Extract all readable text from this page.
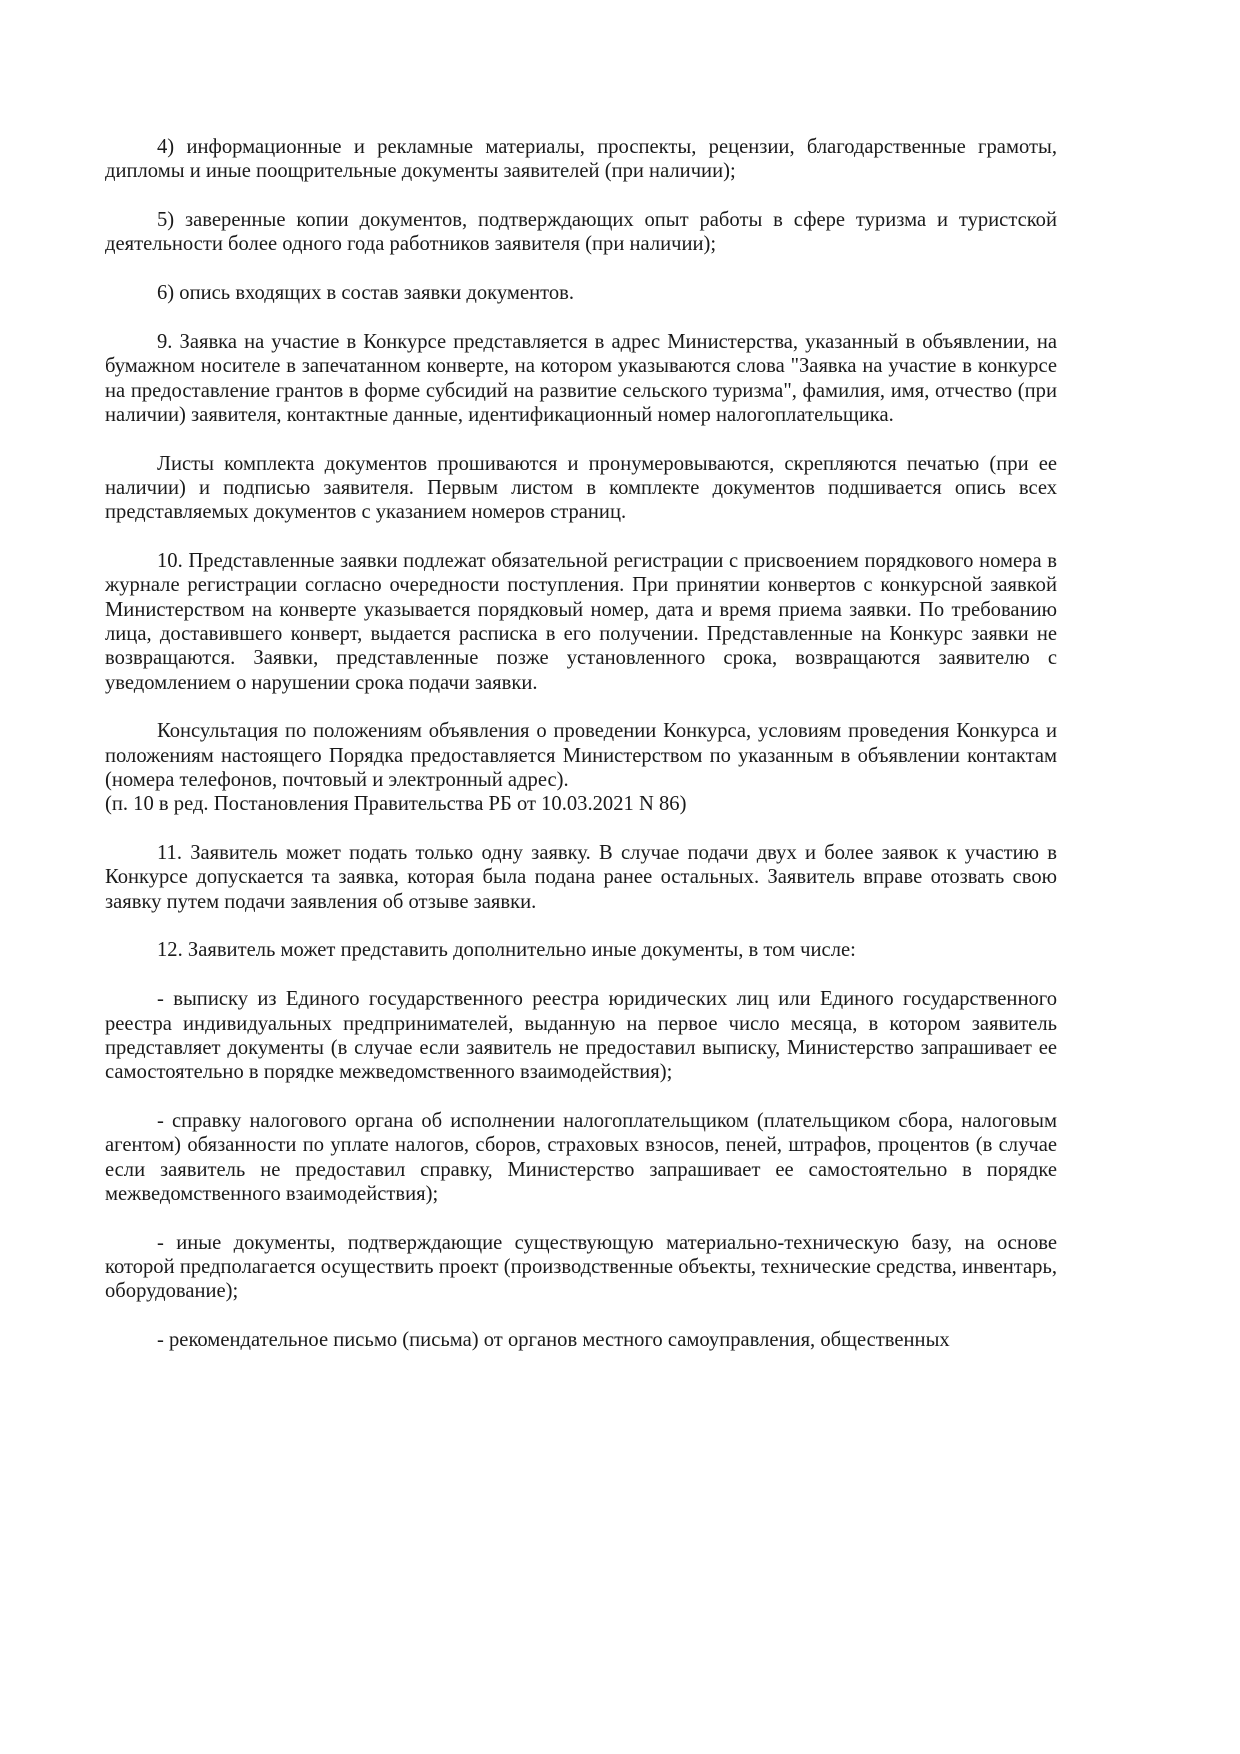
4) информационные и рекламные материалы, проспекты, рецензии, благодарственные грамоты, дипломы и иные поощрительные документы заявителей (при наличии);

5) заверенные копии документов, подтверждающих опыт работы в сфере туризма и туристской деятельности более одного года работников заявителя (при наличии);

6) опись входящих в состав заявки документов.

9. Заявка на участие в Конкурсе представляется в адрес Министерства, указанный в объявлении, на бумажном носителе в запечатанном конверте, на котором указываются слова "Заявка на участие в конкурсе на предоставление грантов в форме субсидий на развитие сельского туризма", фамилия, имя, отчество (при наличии) заявителя, контактные данные, идентификационный номер налогоплательщика.

Листы комплекта документов прошиваются и пронумеровываются, скрепляются печатью (при ее наличии) и подписью заявителя. Первым листом в комплекте документов подшивается опись всех представляемых документов с указанием номеров страниц.

10. Представленные заявки подлежат обязательной регистрации с присвоением порядкового номера в журнале регистрации согласно очередности поступления. При принятии конвертов с конкурсной заявкой Министерством на конверте указывается порядковый номер, дата и время приема заявки. По требованию лица, доставившего конверт, выдается расписка в его получении. Представленные на Конкурс заявки не возвращаются. Заявки, представленные позже установленного срока, возвращаются заявителю с уведомлением о нарушении срока подачи заявки.

Консультация по положениям объявления о проведении Конкурса, условиям проведения Конкурса и положениям настоящего Порядка предоставляется Министерством по указанным в объявлении контактам (номера телефонов, почтовый и электронный адрес).

(п. 10 в ред. Постановления Правительства РБ от 10.03.2021 N 86)

11. Заявитель может подать только одну заявку. В случае подачи двух и более заявок к участию в Конкурсе допускается та заявка, которая была подана ранее остальных. Заявитель вправе отозвать свою заявку путем подачи заявления об отзыве заявки.

12. Заявитель может представить дополнительно иные документы, в том числе:

- выписку из Единого государственного реестра юридических лиц или Единого государственного реестра индивидуальных предпринимателей, выданную на первое число месяца, в котором заявитель представляет документы (в случае если заявитель не предоставил выписку, Министерство запрашивает ее самостоятельно в порядке межведомственного взаимодействия);

- справку налогового органа об исполнении налогоплательщиком (плательщиком сбора, налоговым агентом) обязанности по уплате налогов, сборов, страховых взносов, пеней, штрафов, процентов (в случае если заявитель не предоставил справку, Министерство запрашивает ее самостоятельно в порядке межведомственного взаимодействия);

- иные документы, подтверждающие существующую материально-техническую базу, на основе которой предполагается осуществить проект (производственные объекты, технические средства, инвентарь, оборудование);

- рекомендательное письмо (письма) от органов местного самоуправления, общественных
